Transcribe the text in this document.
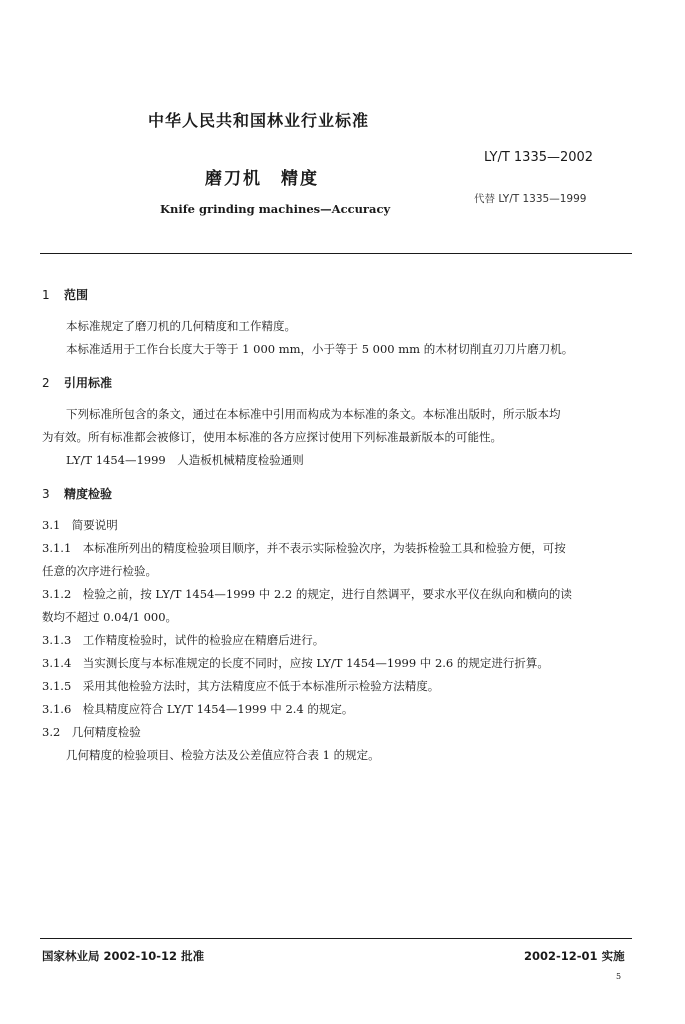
中华人民共和国林业行业标准
LY/T 1335—2002
磨刀机　精度
代替 LY/T 1335—1999
Knife grinding machines—Accuracy
1 范围
本标准规定了磨刀机的几何精度和工作精度。
本标准适用于工作台长度大于等于 1 000 mm，小于等于 5 000 mm 的木材切削直刃刀片磨刀机。
2 引用标准
下列标准所包含的条文，通过在本标准中引用而构成为本标准的条文。本标准出版时，所示版本均
为有效。所有标准都会被修订，使用本标准的各方应探讨使用下列标准最新版本的可能性。
LY/T 1454—1999　人造板机械精度检验通则
3 精度检验
3.1　简要说明
3.1.1　本标准所列出的精度检验项目顺序，并不表示实际检验次序，为装拆检验工具和检验方便，可按
任意的次序进行检验。
3.1.2　检验之前，按 LY/T 1454—1999 中 2.2 的规定，进行自然调平，要求水平仪在纵向和横向的读
数均不超过 0.04/1 000。
3.1.3　工作精度检验时，试件的检验应在精磨后进行。
3.1.4　当实测长度与本标准规定的长度不同时，应按 LY/T 1454—1999 中 2.6 的规定进行折算。
3.1.5　采用其他检验方法时，其方法精度应不低于本标准所示检验方法精度。
3.1.6　检具精度应符合 LY/T 1454—1999 中 2.4 的规定。
3.2　几何精度检验
几何精度的检验项目、检验方法及公差值应符合表 1 的规定。
国家林业局 2002-10-12 批准	2002-12-01 实施
5
